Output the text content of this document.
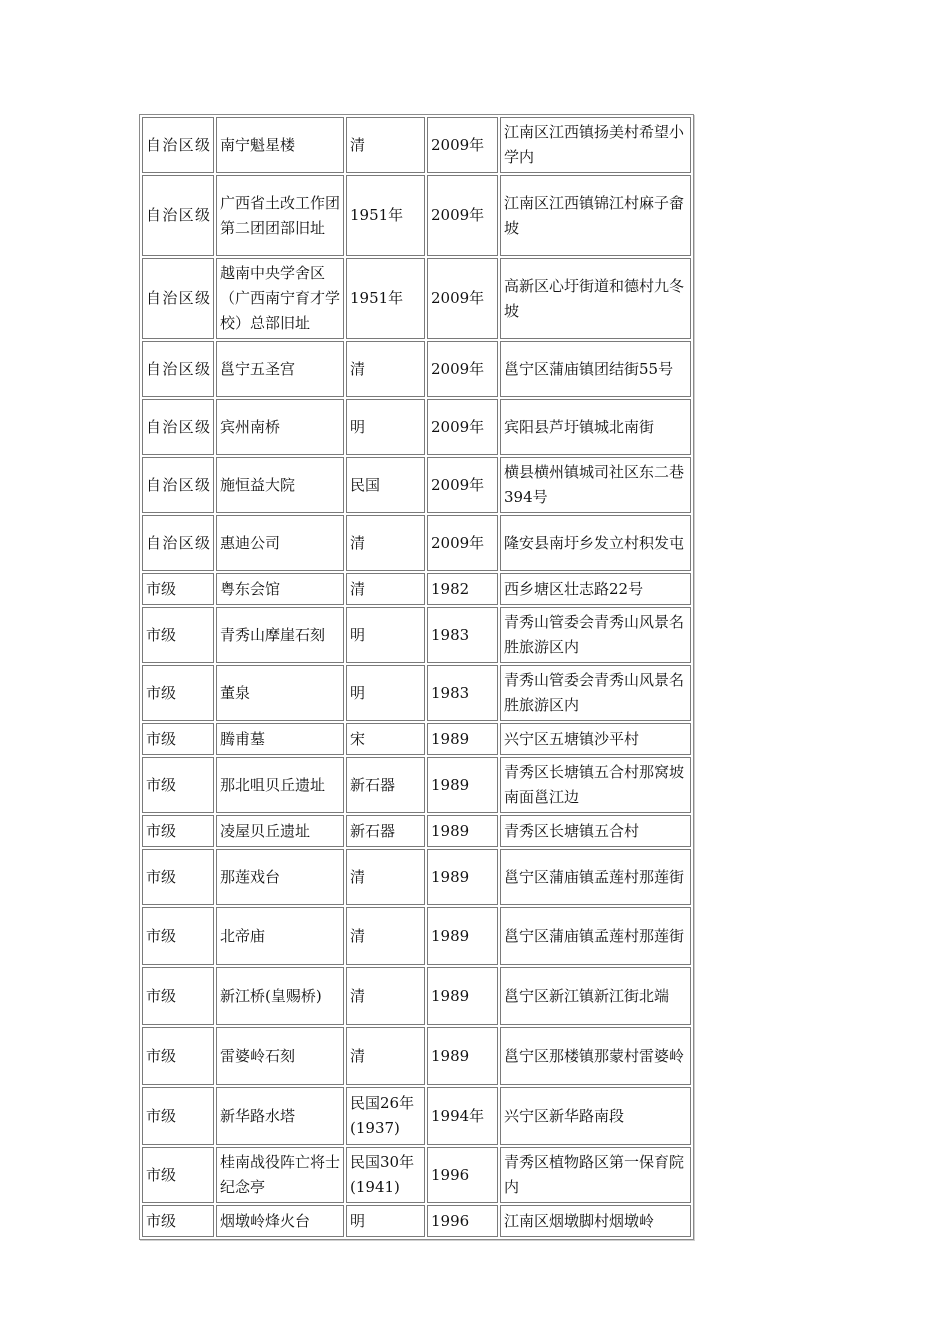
自治区级	南宁魁星楼	清	2009年	江南区江西镇扬美村希望小学内
自治区级	广西省土改工作团第二团团部旧址	1951年	2009年	江南区江西镇锦江村麻子畲坡
自治区级	越南中央学舍区（广西南宁育才学校）总部旧址	1951年	2009年	高新区心圩街道和德村九冬坡
自治区级	邕宁五圣宫	清	2009年	邕宁区蒲庙镇团结街55号
自治区级	宾州南桥	明	2009年	宾阳县芦圩镇城北南街
自治区级	施恒益大院	民国	2009年	横县横州镇城司社区东二巷394号
自治区级	惠迪公司	清	2009年	隆安县南圩乡发立村积发屯
市级	粤东会馆	清	1982	西乡塘区壮志路22号
市级	青秀山摩崖石刻	明	1983	青秀山管委会青秀山风景名胜旅游区内
市级	董泉	明	1983	青秀山管委会青秀山风景名胜旅游区内
市级	腾甫墓	宋	1989	兴宁区五塘镇沙平村
市级	那北咀贝丘遗址	新石器	1989	青秀区长塘镇五合村那窝坡南面邕江边
市级	凌屋贝丘遗址	新石器	1989	青秀区长塘镇五合村
市级	那莲戏台	清	1989	邕宁区蒲庙镇孟莲村那莲街
市级	北帝庙	清	1989	邕宁区蒲庙镇孟莲村那莲街
市级	新江桥(皇赐桥)	清	1989	邕宁区新江镇新江街北端
市级	雷婆岭石刻	清	1989	邕宁区那楼镇那蒙村雷婆岭
市级	新华路水塔	民国26年(1937)	1994年	兴宁区新华路南段
市级	桂南战役阵亡将士纪念亭	民国30年(1941)	1996	青秀区植物路区第一保育院内
市级	烟墩岭烽火台	明	1996	江南区烟墩脚村烟墩岭
